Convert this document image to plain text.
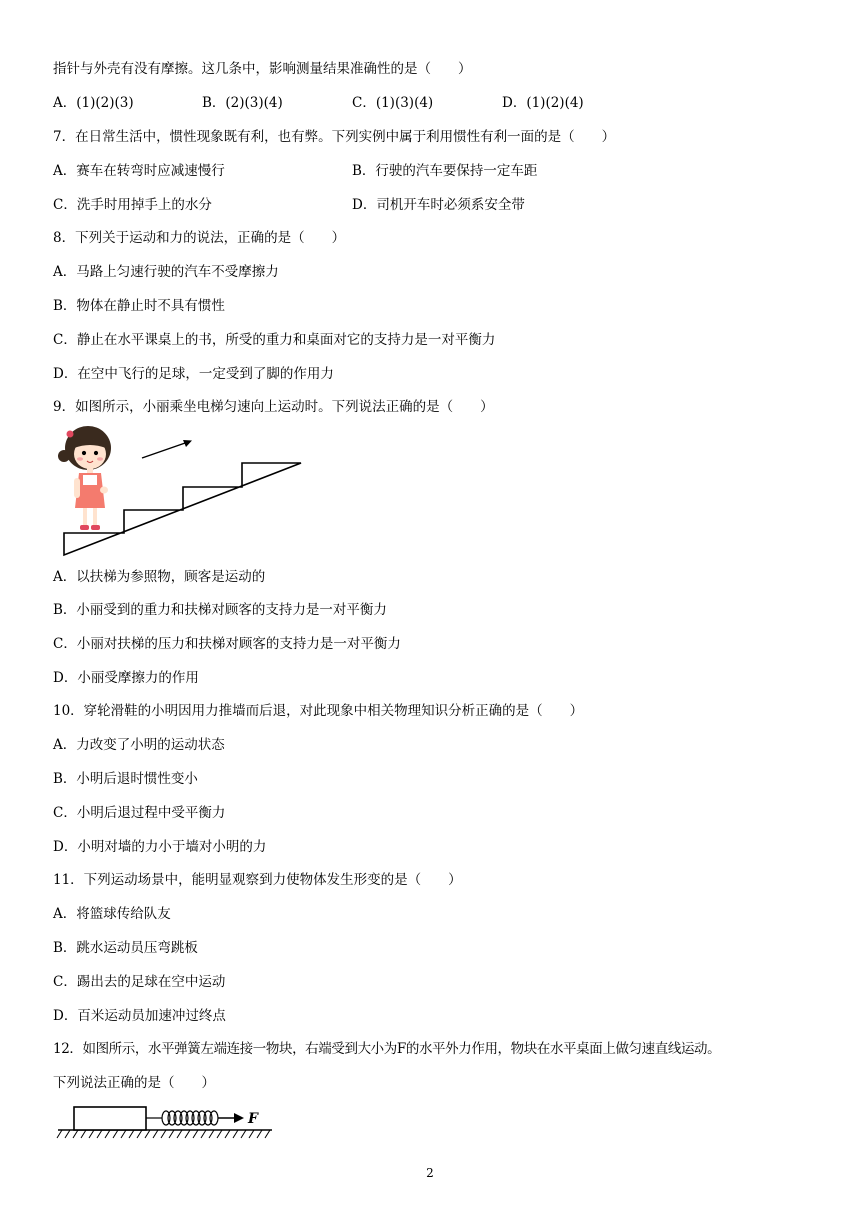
指针与外壳有没有摩擦。这几条中，影响测量结果准确性的是（　　）
A．(1)(2)(3)	B．(2)(3)(4)	C．(1)(3)(4)	D．(1)(2)(4)
7．在日常生活中，惯性现象既有利，也有弊。下列实例中属于利用惯性有利一面的是（　　）
A．赛车在转弯时应减速慢行	B．行驶的汽车要保持一定车距
C．洗手时用掉手上的水分	D．司机开车时必须系安全带
8．下列关于运动和力的说法，正确的是（　　）
A．马路上匀速行驶的汽车不受摩擦力
B．物体在静止时不具有惯性
C．静止在水平课桌上的书，所受的重力和桌面对它的支持力是一对平衡力
D．在空中飞行的足球，一定受到了脚的作用力
9．如图所示，小丽乘坐电梯匀速向上运动时。下列说法正确的是（　　）
A．以扶梯为参照物，顾客是运动的
B．小丽受到的重力和扶梯对顾客的支持力是一对平衡力
C．小丽对扶梯的压力和扶梯对顾客的支持力是一对平衡力
D．小丽受摩擦力的作用
10．穿轮滑鞋的小明因用力推墙而后退，对此现象中相关物理知识分析正确的是（　　）
A．力改变了小明的运动状态
B．小明后退时惯性变小
C．小明后退过程中受平衡力
D．小明对墙的力小于墙对小明的力
11．下列运动场景中，能明显观察到力使物体发生形变的是（　　）
A．将篮球传给队友
B．跳水运动员压弯跳板
C．踢出去的足球在空中运动
D．百米运动员加速冲过终点
12．如图所示，水平弹簧左端连接一物块，右端受到大小为F的水平外力作用，物块在水平桌面上做匀速直线运动。
下列说法正确的是（　　）
F
2
